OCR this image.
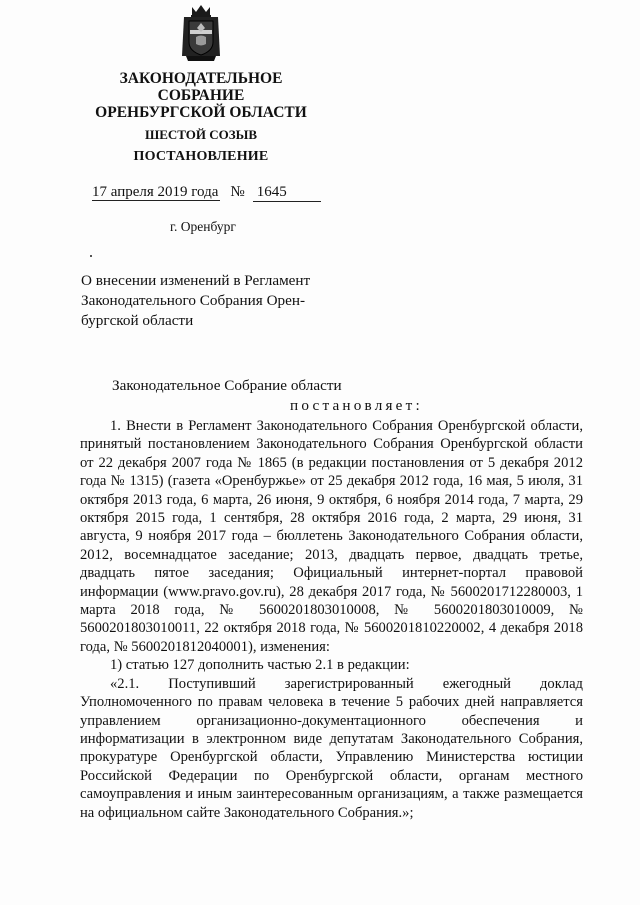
ЗАКОНОДАТЕЛЬНОЕ
СОБРАНИЕ
ОРЕНБУРГСКОЙ ОБЛАСТИ
ШЕСТОЙ СОЗЫВ
ПОСТАНОВЛЕНИЕ
17 апреля 2019 года № 1645
г. Оренбург
О внесении изменений в Регламент
Законодательного Собрания Орен-
бургской области
Законодательное Собрание области
постановляет:

1. Внести в Регламент Законодательного Собрания Оренбургской области, принятый постановлением Законодательного Собрания Оренбургской области от 22 декабря 2007 года № 1865 (в редакции постановления от 5 декабря 2012 года № 1315) (газета «Оренбуржье» от 25 декабря 2012 года, 16 мая, 5 июля, 31 октября 2013 года, 6 марта, 26 июня, 9 октября, 6 ноября 2014 года, 7 марта, 29 октября 2015 года, 1 сентября, 28 октября 2016 года, 2 марта, 29 июня, 31 августа, 9 ноября 2017 года – бюллетень Законодательного Собрания области, 2012, восемнадцатое заседание; 2013, двадцать первое, двадцать третье, двадцать пятое заседания; Официальный интернет-портал правовой информации (www.pravo.gov.ru), 28 декабря 2017 года, № 5600201712280003, 1 марта 2018 года, № 5600201803010008, № 5600201803010009, № 5600201803010011, 22 октября 2018 года, № 5600201810220002, 4 декабря 2018 года, № 5600201812040001), изменения:

1) статью 127 дополнить частью 2.1 в редакции:

«2.1. Поступивший зарегистрированный ежегодный доклад Уполномоченного по правам человека в течение 5 рабочих дней направляется управлением организационно-документационного обеспечения и информатизации в электронном виде депутатам Законодательного Собрания, прокуратуре Оренбургской области, Управлению Министерства юстиции Российской Федерации по Оренбургской области, органам местного самоуправления и иным заинтересованным организациям, а также размещается на официальном сайте Законодательного Собрания.»;
